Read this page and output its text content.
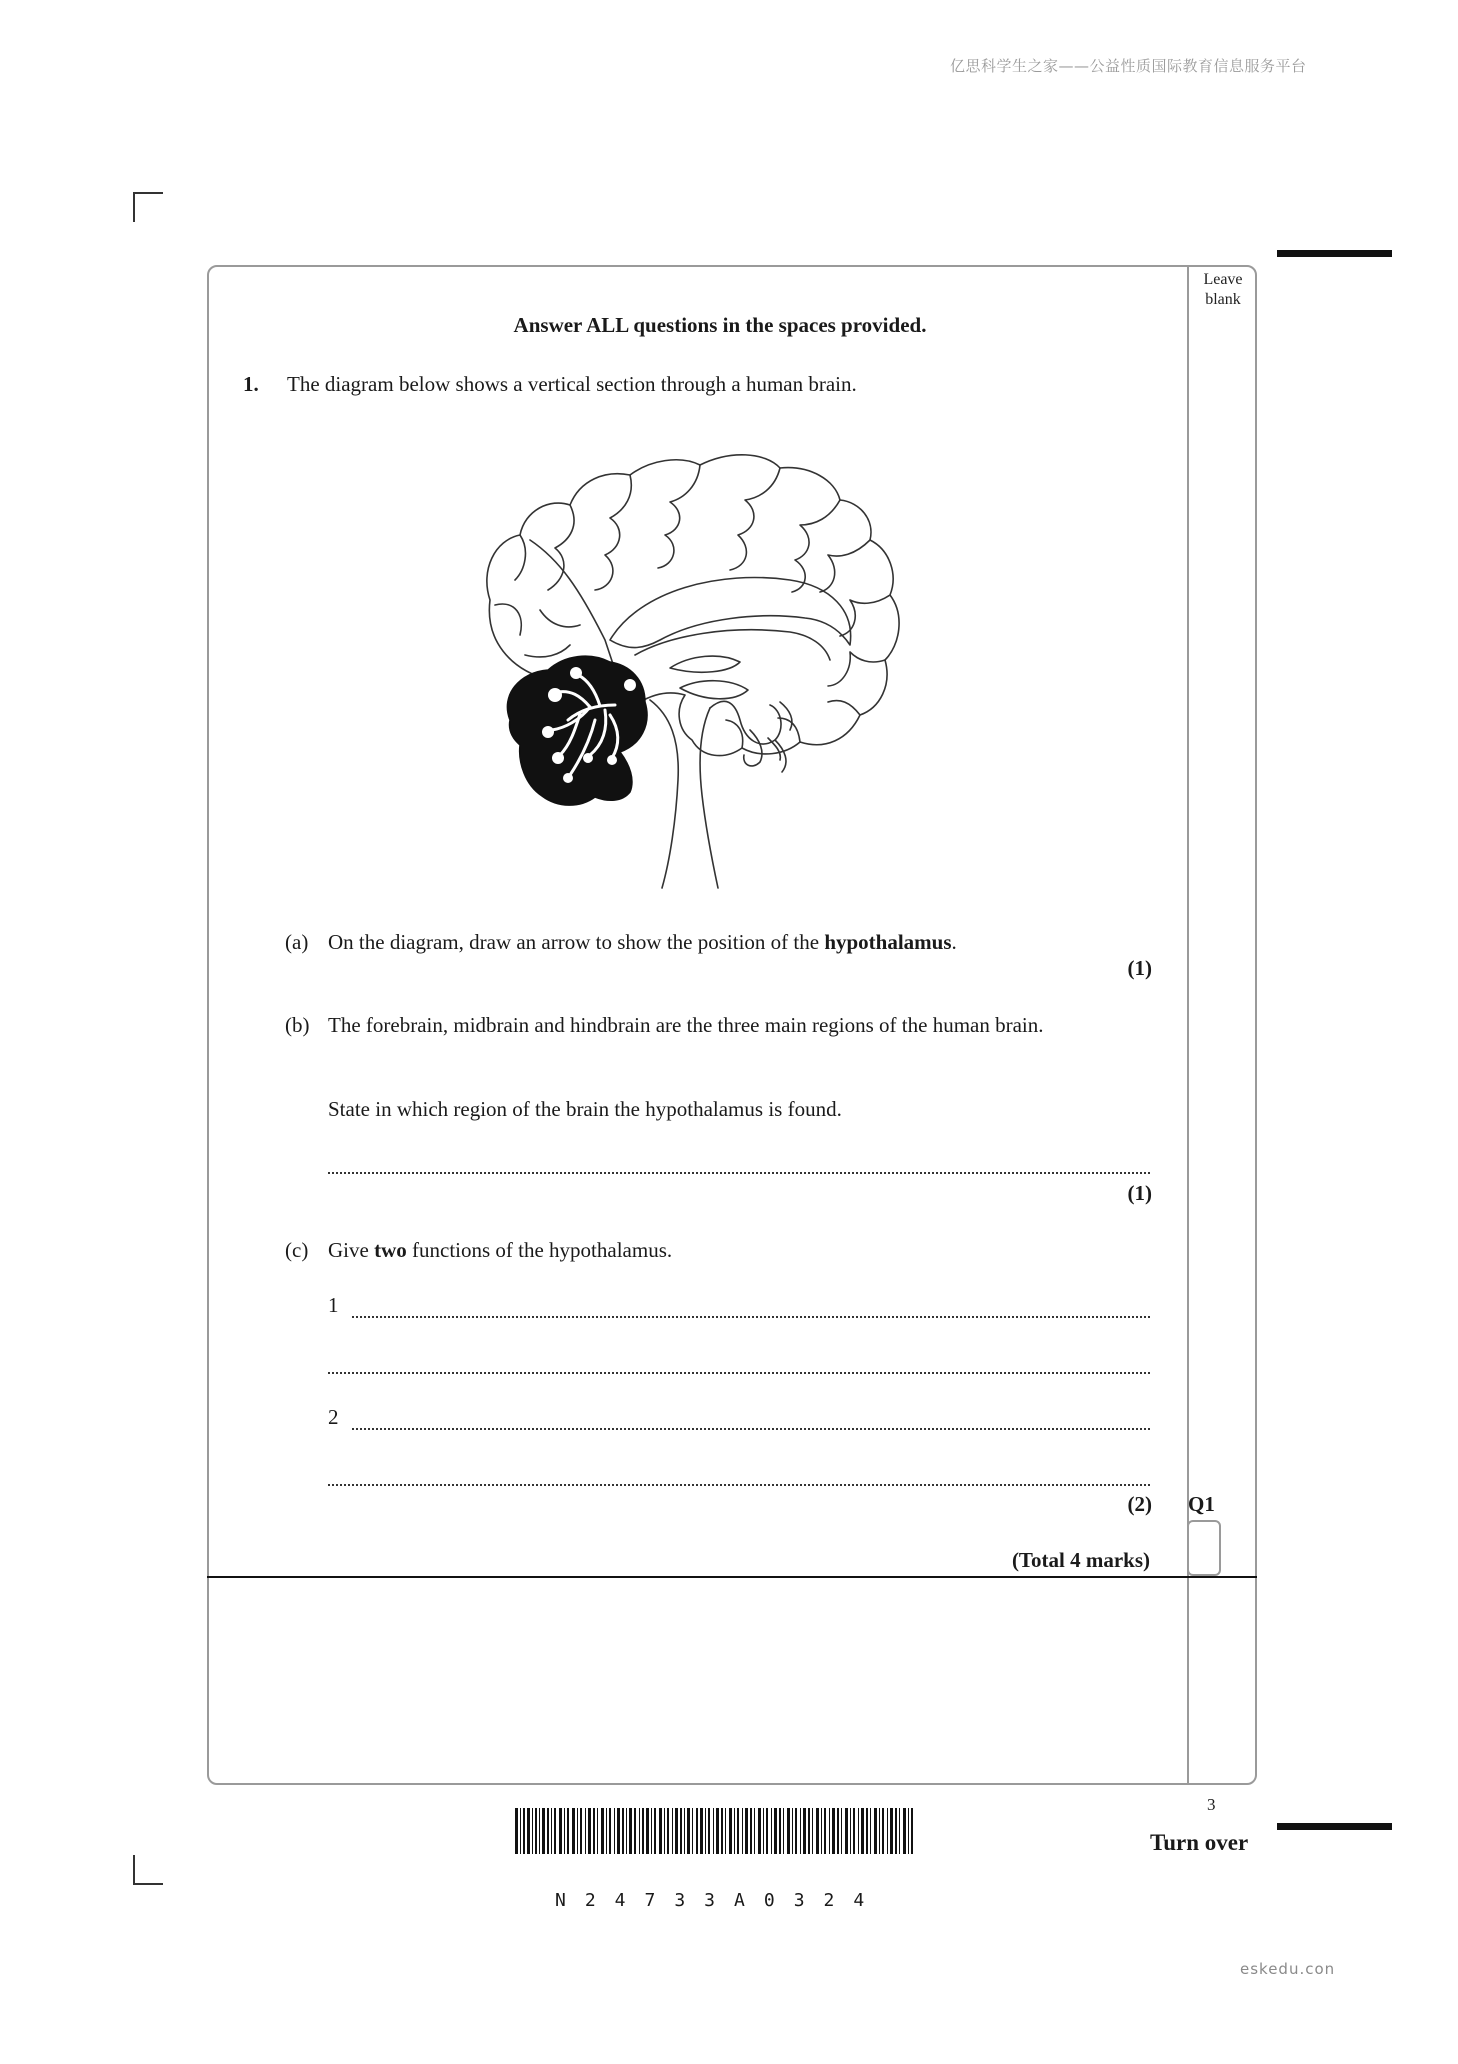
亿思科学生之家——公益性质国际教育信息服务平台
Leave blank
Answer ALL questions in the spaces provided.
1. The diagram below shows a vertical section through a human brain.
(a) On the diagram, draw an arrow to show the position of the hypothalamus.
(1)
(b) The forebrain, midbrain and hindbrain are the three main regions of the human brain.
State in which region of the brain the hypothalamus is found.
(1)
(c) Give two functions of the hypothalamus.
1
2
(2) Q1
(Total 4 marks)
3
Turn over
N24733A0324
eskedu.con
